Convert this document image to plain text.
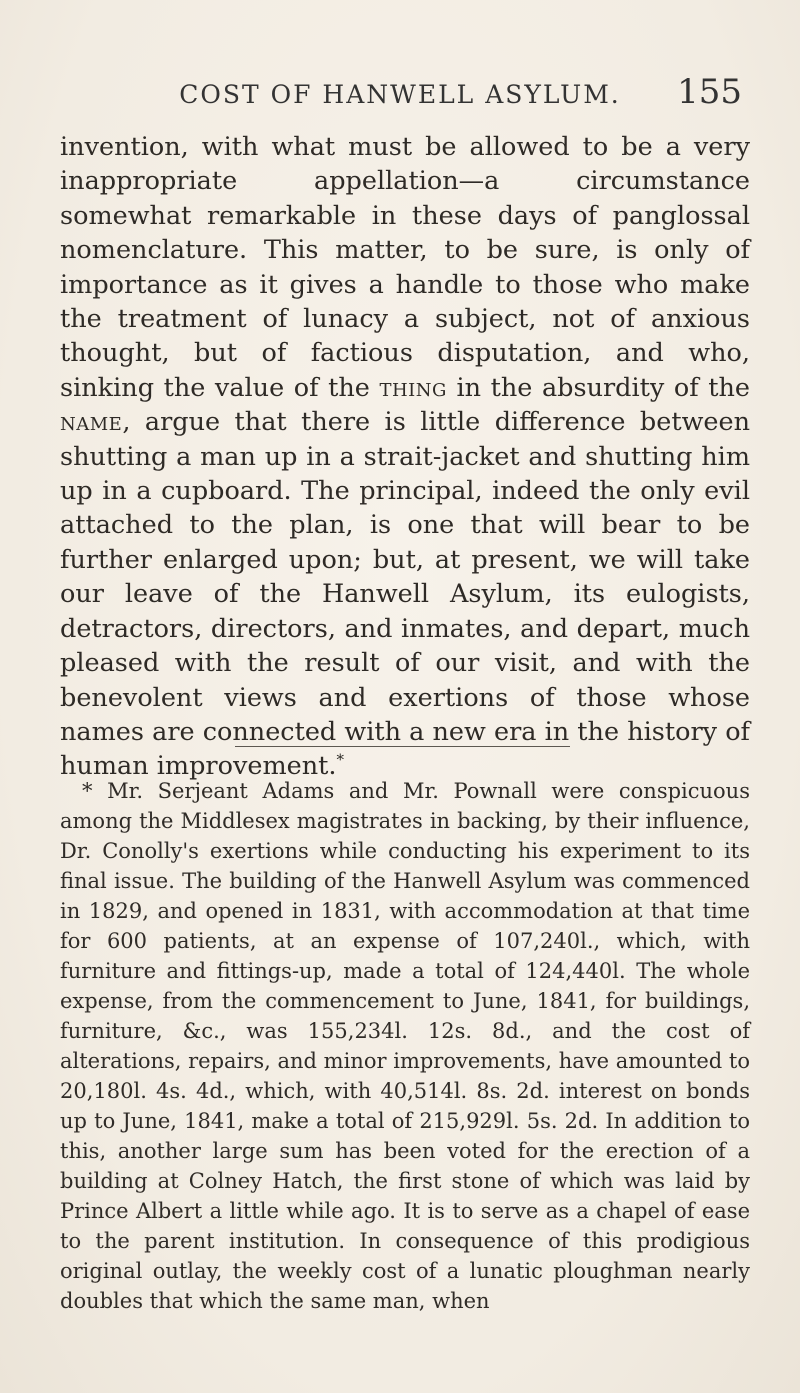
COST OF HANWELL ASYLUM.	155
invention, with what must be allowed to be a very inappropriate appellation—a circumstance somewhat remarkable in these days of panglossal nomenclature. This matter, to be sure, is only of importance as it gives a handle to those who make the treatment of lunacy a subject, not of anxious thought, but of factious disputation, and who, sinking the value of the thing in the absurdity of the name, argue that there is little difference between shutting a man up in a strait-jacket and shutting him up in a cupboard. The principal, indeed the only evil attached to the plan, is one that will bear to be further enlarged upon; but, at present, we will take our leave of the Hanwell Asylum, its eulogists, detractors, directors, and inmates, and depart, much pleased with the result of our visit, and with the benevolent views and exertions of those whose names are connected with a new era in the history of human improvement.*
* Mr. Serjeant Adams and Mr. Pownall were conspicuous among the Middlesex magistrates in backing, by their influence, Dr. Conolly's exertions while conducting his experiment to its final issue. The building of the Hanwell Asylum was commenced in 1829, and opened in 1831, with accommodation at that time for 600 patients, at an expense of 107,240l., which, with furniture and fittings-up, made a total of 124,440l. The whole expense, from the commencement to June, 1841, for buildings, furniture, &c., was 155,234l. 12s. 8d., and the cost of alterations, repairs, and minor improvements, have amounted to 20,180l. 4s. 4d., which, with 40,514l. 8s. 2d. interest on bonds up to June, 1841, make a total of 215,929l. 5s. 2d. In addition to this, another large sum has been voted for the erection of a building at Colney Hatch, the first stone of which was laid by Prince Albert a little while ago. It is to serve as a chapel of ease to the parent institution. In consequence of this prodigious original outlay, the weekly cost of a lunatic ploughman nearly doubles that which the same man, when
